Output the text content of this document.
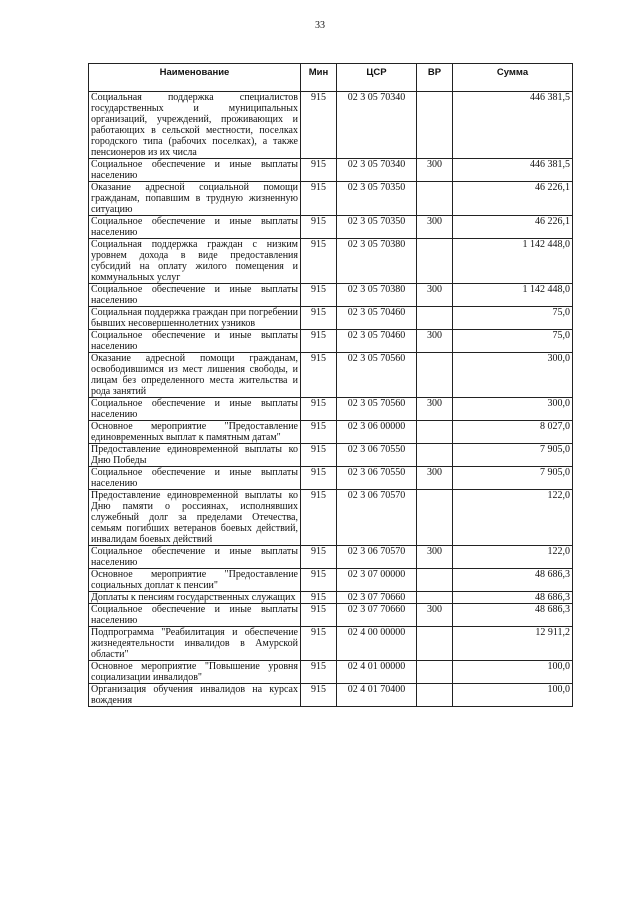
33
Наименование	Мин	ЦСР	ВР	Сумма
Социальная поддержка специалистов государственных и муниципальных организаций, учреждений, проживающих и работающих в сельской местности, поселках городского типа (рабочих поселках), а также пенсионеров из их числа	915	02 3 05 70340		446 381,5
Социальное обеспечение и иные выплаты населению	915	02 3 05 70340	300	446 381,5
Оказание адресной социальной помощи гражданам, попавшим в трудную жизненную ситуацию	915	02 3 05 70350		46 226,1
Социальное обеспечение и иные выплаты населению	915	02 3 05 70350	300	46 226,1
Социальная поддержка граждан с низким уровнем дохода в виде предоставления субсидий на оплату жилого помещения и коммунальных услуг	915	02 3 05 70380		1 142 448,0
Социальное обеспечение и иные выплаты населению	915	02 3 05 70380	300	1 142 448,0
Социальная поддержка граждан при погребении бывших несовершеннолетних узников	915	02 3 05 70460		75,0
Социальное обеспечение и иные выплаты населению	915	02 3 05 70460	300	75,0
Оказание адресной помощи гражданам, освободившимся из мест лишения свободы, и лицам без определенного места жительства и рода занятий	915	02 3 05 70560		300,0
Социальное обеспечение и иные выплаты населению	915	02 3 05 70560	300	300,0
Основное мероприятие "Предоставление единовременных выплат к памятным датам"	915	02 3 06 00000		8 027,0
Предоставление единовременной выплаты ко Дню Победы	915	02 3 06 70550		7 905,0
Социальное обеспечение и иные выплаты населению	915	02 3 06 70550	300	7 905,0
Предоставление единовременной выплаты ко Дню памяти о россиянах, исполнявших служебный долг за пределами Отечества, семьям погибших ветеранов боевых действий, инвалидам боевых действий	915	02 3 06 70570		122,0
Социальное обеспечение и иные выплаты населению	915	02 3 06 70570	300	122,0
Основное мероприятие "Предоставление социальных доплат к пенсии"	915	02 3 07 00000		48 686,3
Доплаты к пенсиям государственных служащих	915	02 3 07 70660		48 686,3
Социальное обеспечение и иные выплаты населению	915	02 3 07 70660	300	48 686,3
Подпрограмма "Реабилитация и обеспечение жизнедеятельности инвалидов в Амурской области"	915	02 4 00 00000		12 911,2
Основное мероприятие "Повышение уровня социализации инвалидов"	915	02 4 01 00000		100,0
Организация обучения инвалидов на курсах вождения	915	02 4 01 70400		100,0
